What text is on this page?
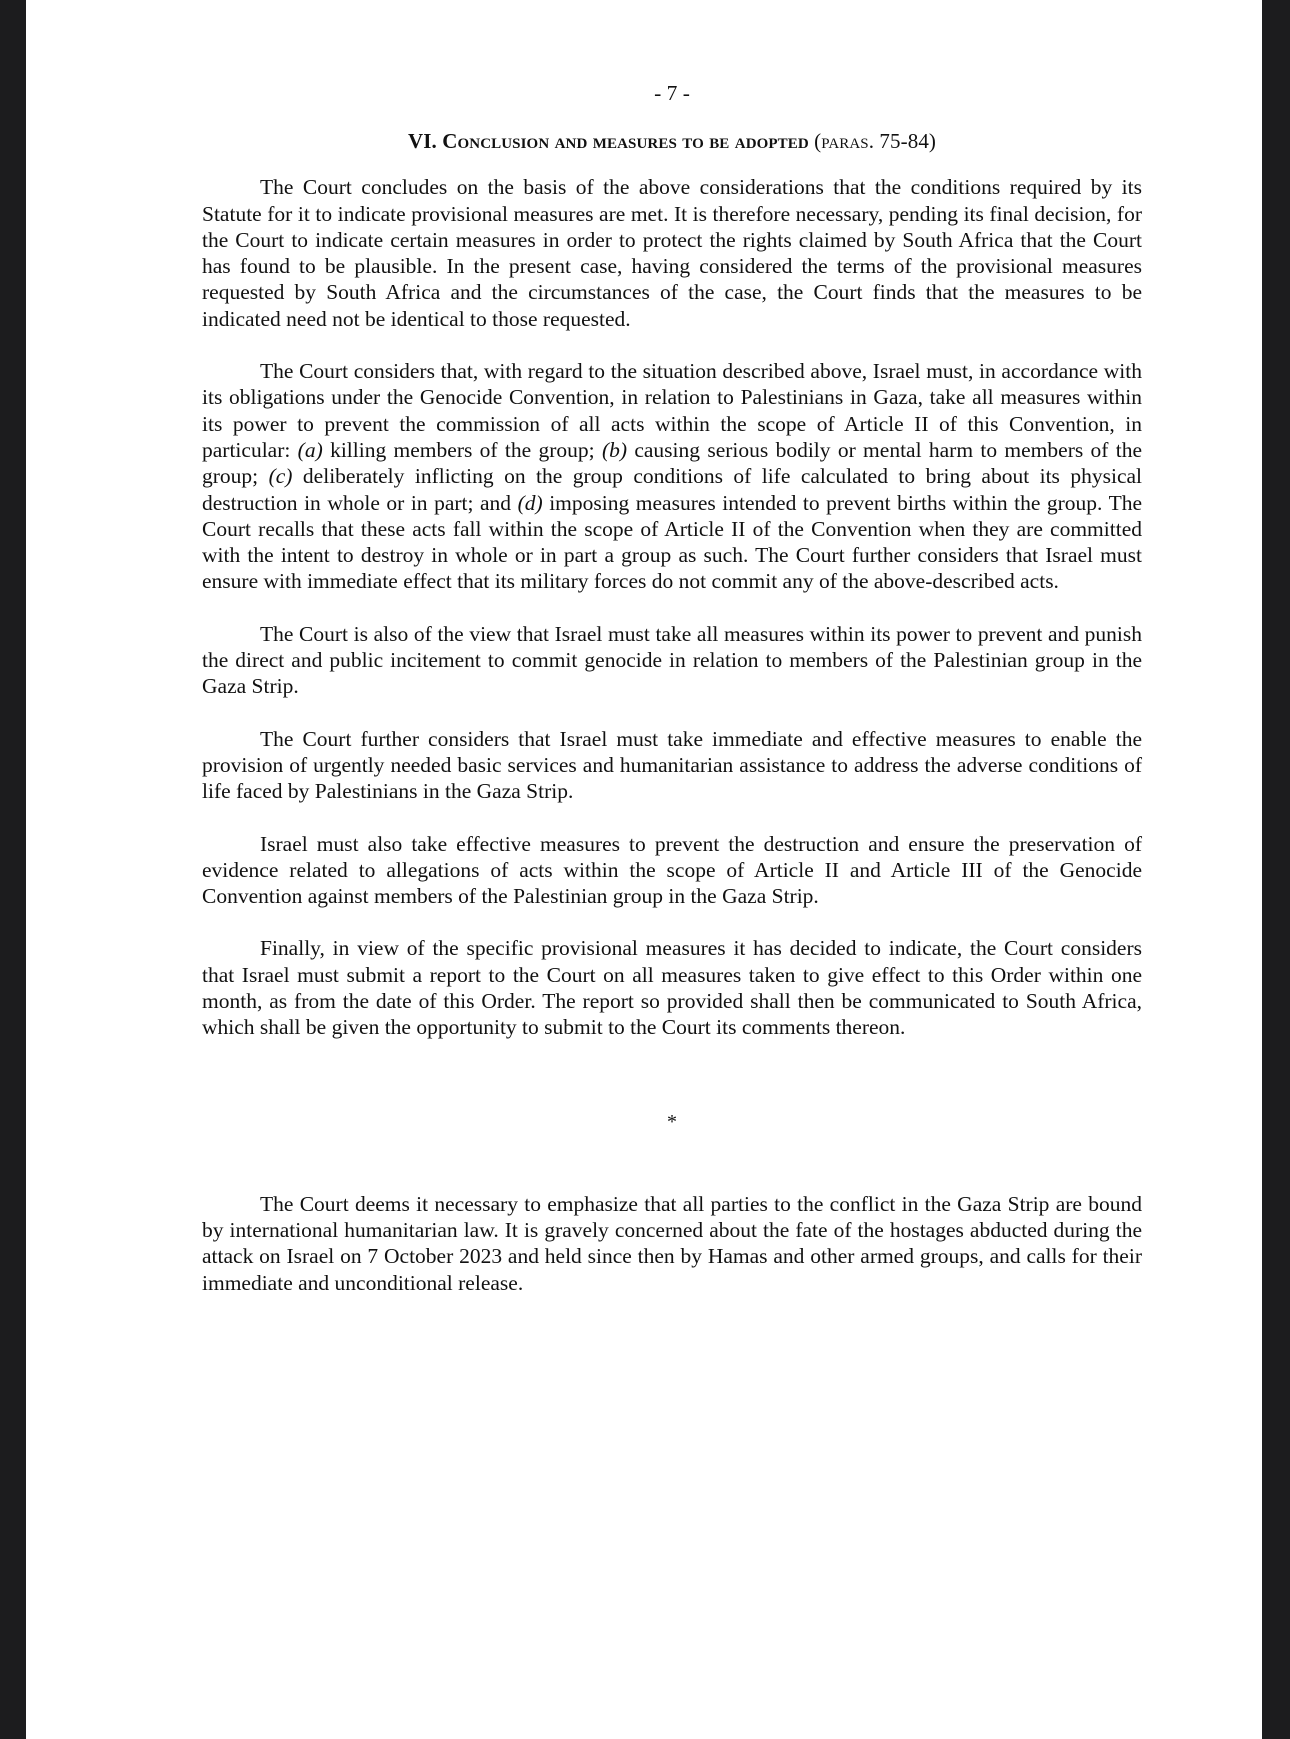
- 7 -
VI. Conclusion and measures to be adopted (paras. 75-84)

The Court concludes on the basis of the above considerations that the conditions required by its Statute for it to indicate provisional measures are met. It is therefore necessary, pending its final decision, for the Court to indicate certain measures in order to protect the rights claimed by South Africa that the Court has found to be plausible. In the present case, having considered the terms of the provisional measures requested by South Africa and the circumstances of the case, the Court finds that the measures to be indicated need not be identical to those requested.

The Court considers that, with regard to the situation described above, Israel must, in accordance with its obligations under the Genocide Convention, in relation to Palestinians in Gaza, take all measures within its power to prevent the commission of all acts within the scope of Article II of this Convention, in particular: (a) killing members of the group; (b) causing serious bodily or mental harm to members of the group; (c) deliberately inflicting on the group conditions of life calculated to bring about its physical destruction in whole or in part; and (d) imposing measures intended to prevent births within the group. The Court recalls that these acts fall within the scope of Article II of the Convention when they are committed with the intent to destroy in whole or in part a group as such. The Court further considers that Israel must ensure with immediate effect that its military forces do not commit any of the above-described acts.

The Court is also of the view that Israel must take all measures within its power to prevent and punish the direct and public incitement to commit genocide in relation to members of the Palestinian group in the Gaza Strip.

The Court further considers that Israel must take immediate and effective measures to enable the provision of urgently needed basic services and humanitarian assistance to address the adverse conditions of life faced by Palestinians in the Gaza Strip.

Israel must also take effective measures to prevent the destruction and ensure the preservation of evidence related to allegations of acts within the scope of Article II and Article III of the Genocide Convention against members of the Palestinian group in the Gaza Strip.

Finally, in view of the specific provisional measures it has decided to indicate, the Court considers that Israel must submit a report to the Court on all measures taken to give effect to this Order within one month, as from the date of this Order. The report so provided shall then be communicated to South Africa, which shall be given the opportunity to submit to the Court its comments thereon.

*

The Court deems it necessary to emphasize that all parties to the conflict in the Gaza Strip are bound by international humanitarian law. It is gravely concerned about the fate of the hostages abducted during the attack on Israel on 7 October 2023 and held since then by Hamas and other armed groups, and calls for their immediate and unconditional release.
